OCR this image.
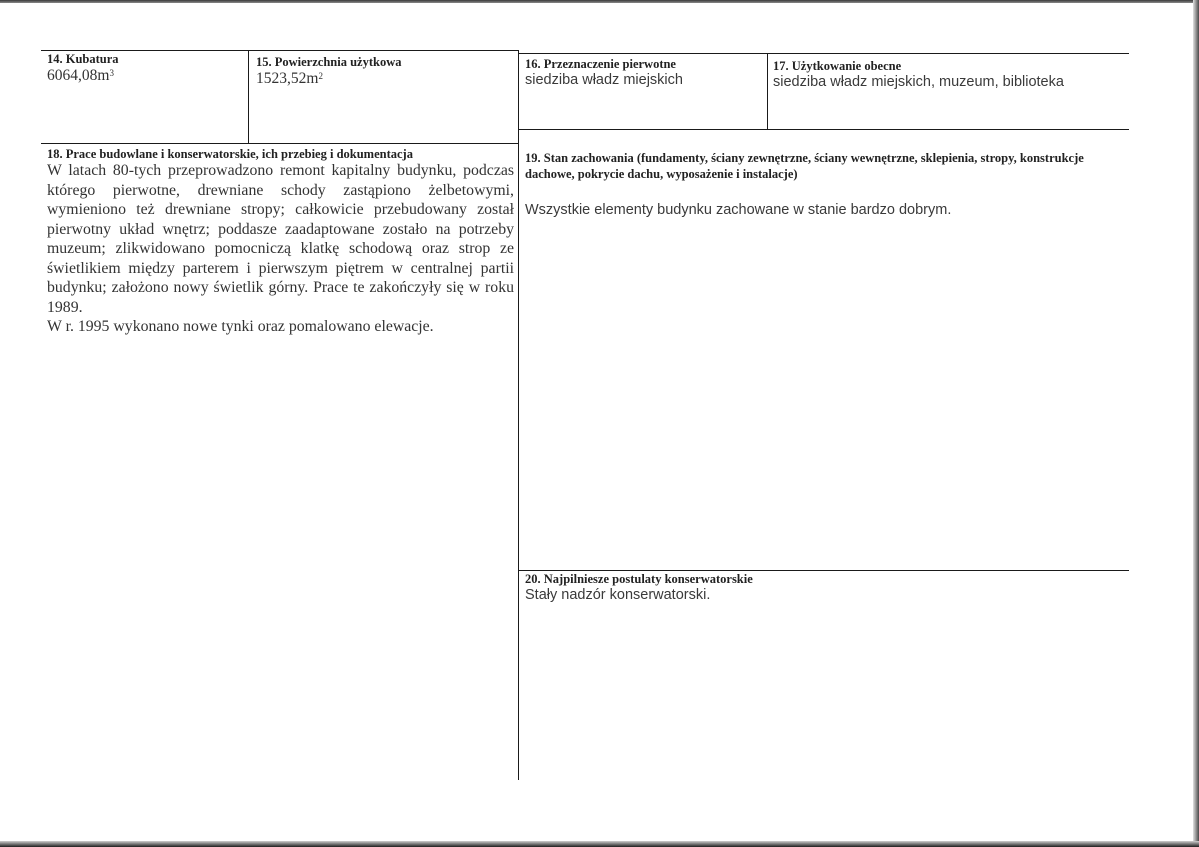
14. Kubatura
$6064,08m^3$
15. Powierzchnia użytkowa
$1523,52m^2$
16. Przeznaczenie pierwotne
siedziba władz miejskich
17. Użytkowanie obecne
siedziba władz miejskich, muzeum, biblioteka
18. Prace budowlane i konserwatorskie, ich przebieg i dokumentacja
W latach 80-tych przeprowadzono remont kapitalny budynku, podczas którego pierwotne, drewniane schody zastąpiono żelbetowymi, wymieniono też drewniane stropy; całkowicie przebudowany został pierwotny układ wnętrz; poddasze zaadaptowane zostało na potrzeby muzeum; zlikwidowano pomocniczą klatkę schodową oraz strop ze świetlikiem między parterem i pierwszym piętrem w centralnej partii budynku; założono nowy świetlik górny. Prace te zakończyły się w roku 1989.
W r. 1995 wykonano nowe tynki oraz pomalowano elewacje.
19. Stan zachowania (fundamenty, ściany zewnętrzne, ściany wewnętrzne, sklepienia, stropy, konstrukcje dachowe, pokrycie dachu, wyposażenie i instalacje)
Wszystkie elementy budynku zachowane w stanie bardzo dobrym.
20. Najpilniesze postulaty konserwatorskie
Stały nadzór konserwatorski.
